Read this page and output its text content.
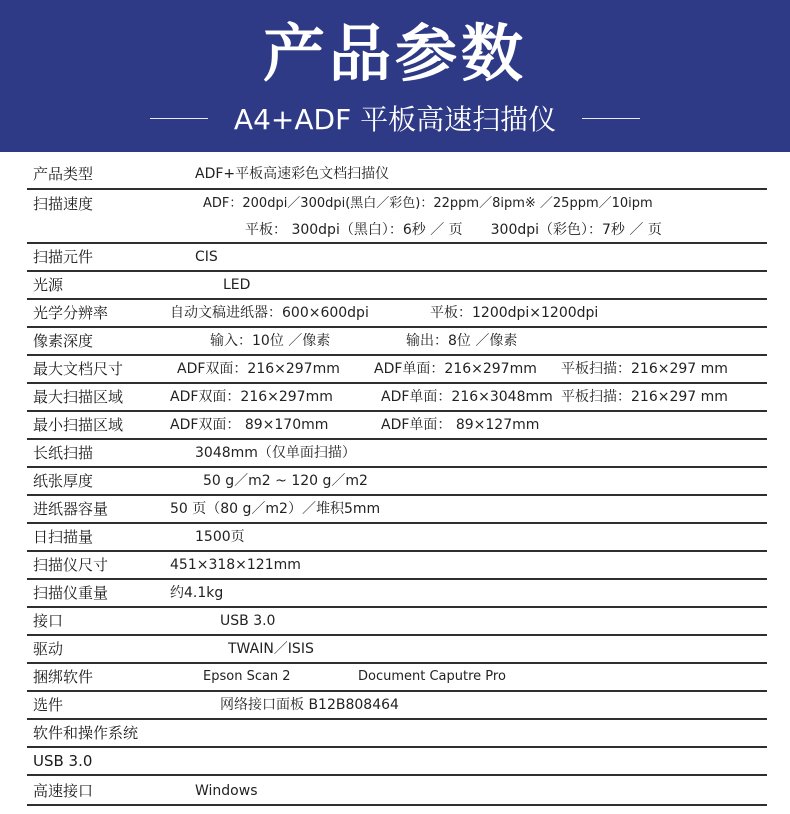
产品参数
A4+ADF 平板高速扫描仪
产品类型	ADF+平板高速彩色文档扫描仪
扫描速度	ADF：200dpi／300dpi(黑白／彩色)：22ppm／8ipm※ ／25ppm／10ipm
平板： 300dpi（黑白）：6秒 ／ 页　　300dpi（彩色）：7秒 ／ 页
扫描元件	CIS
光源	LED
光学分辨率	自动文稿进纸器：600×600dpi	平板：1200dpi×1200dpi
像素深度	输入：10位 ／像素	输出：8位 ／像素
最大文档尺寸	ADF双面：216×297mm ADF单面：216×297mm 平板扫描：216×297 mm
最大扫描区域	ADF双面：216×297mm	ADF单面：216×3048mm 平板扫描：216×297 mm
最小扫描区域	ADF双面： 89×170mm	ADF单面： 89×127mm
长纸扫描	3048mm（仅单面扫描）
纸张厚度	50 g／m2 ~ 120 g／m2
进纸器容量	50 页（80 g／m2）／堆积5mm
日扫描量	1500页
扫描仪尺寸	451×318×121mm
扫描仪重量	约4.1kg
接口	USB 3.0
驱动	TWAIN／ISIS
捆绑软件	Epson Scan 2	Document Caputre Pro
选件	网络接口面板 B12B808464
软件和操作系统
USB 3.0
高速接口	Windows
